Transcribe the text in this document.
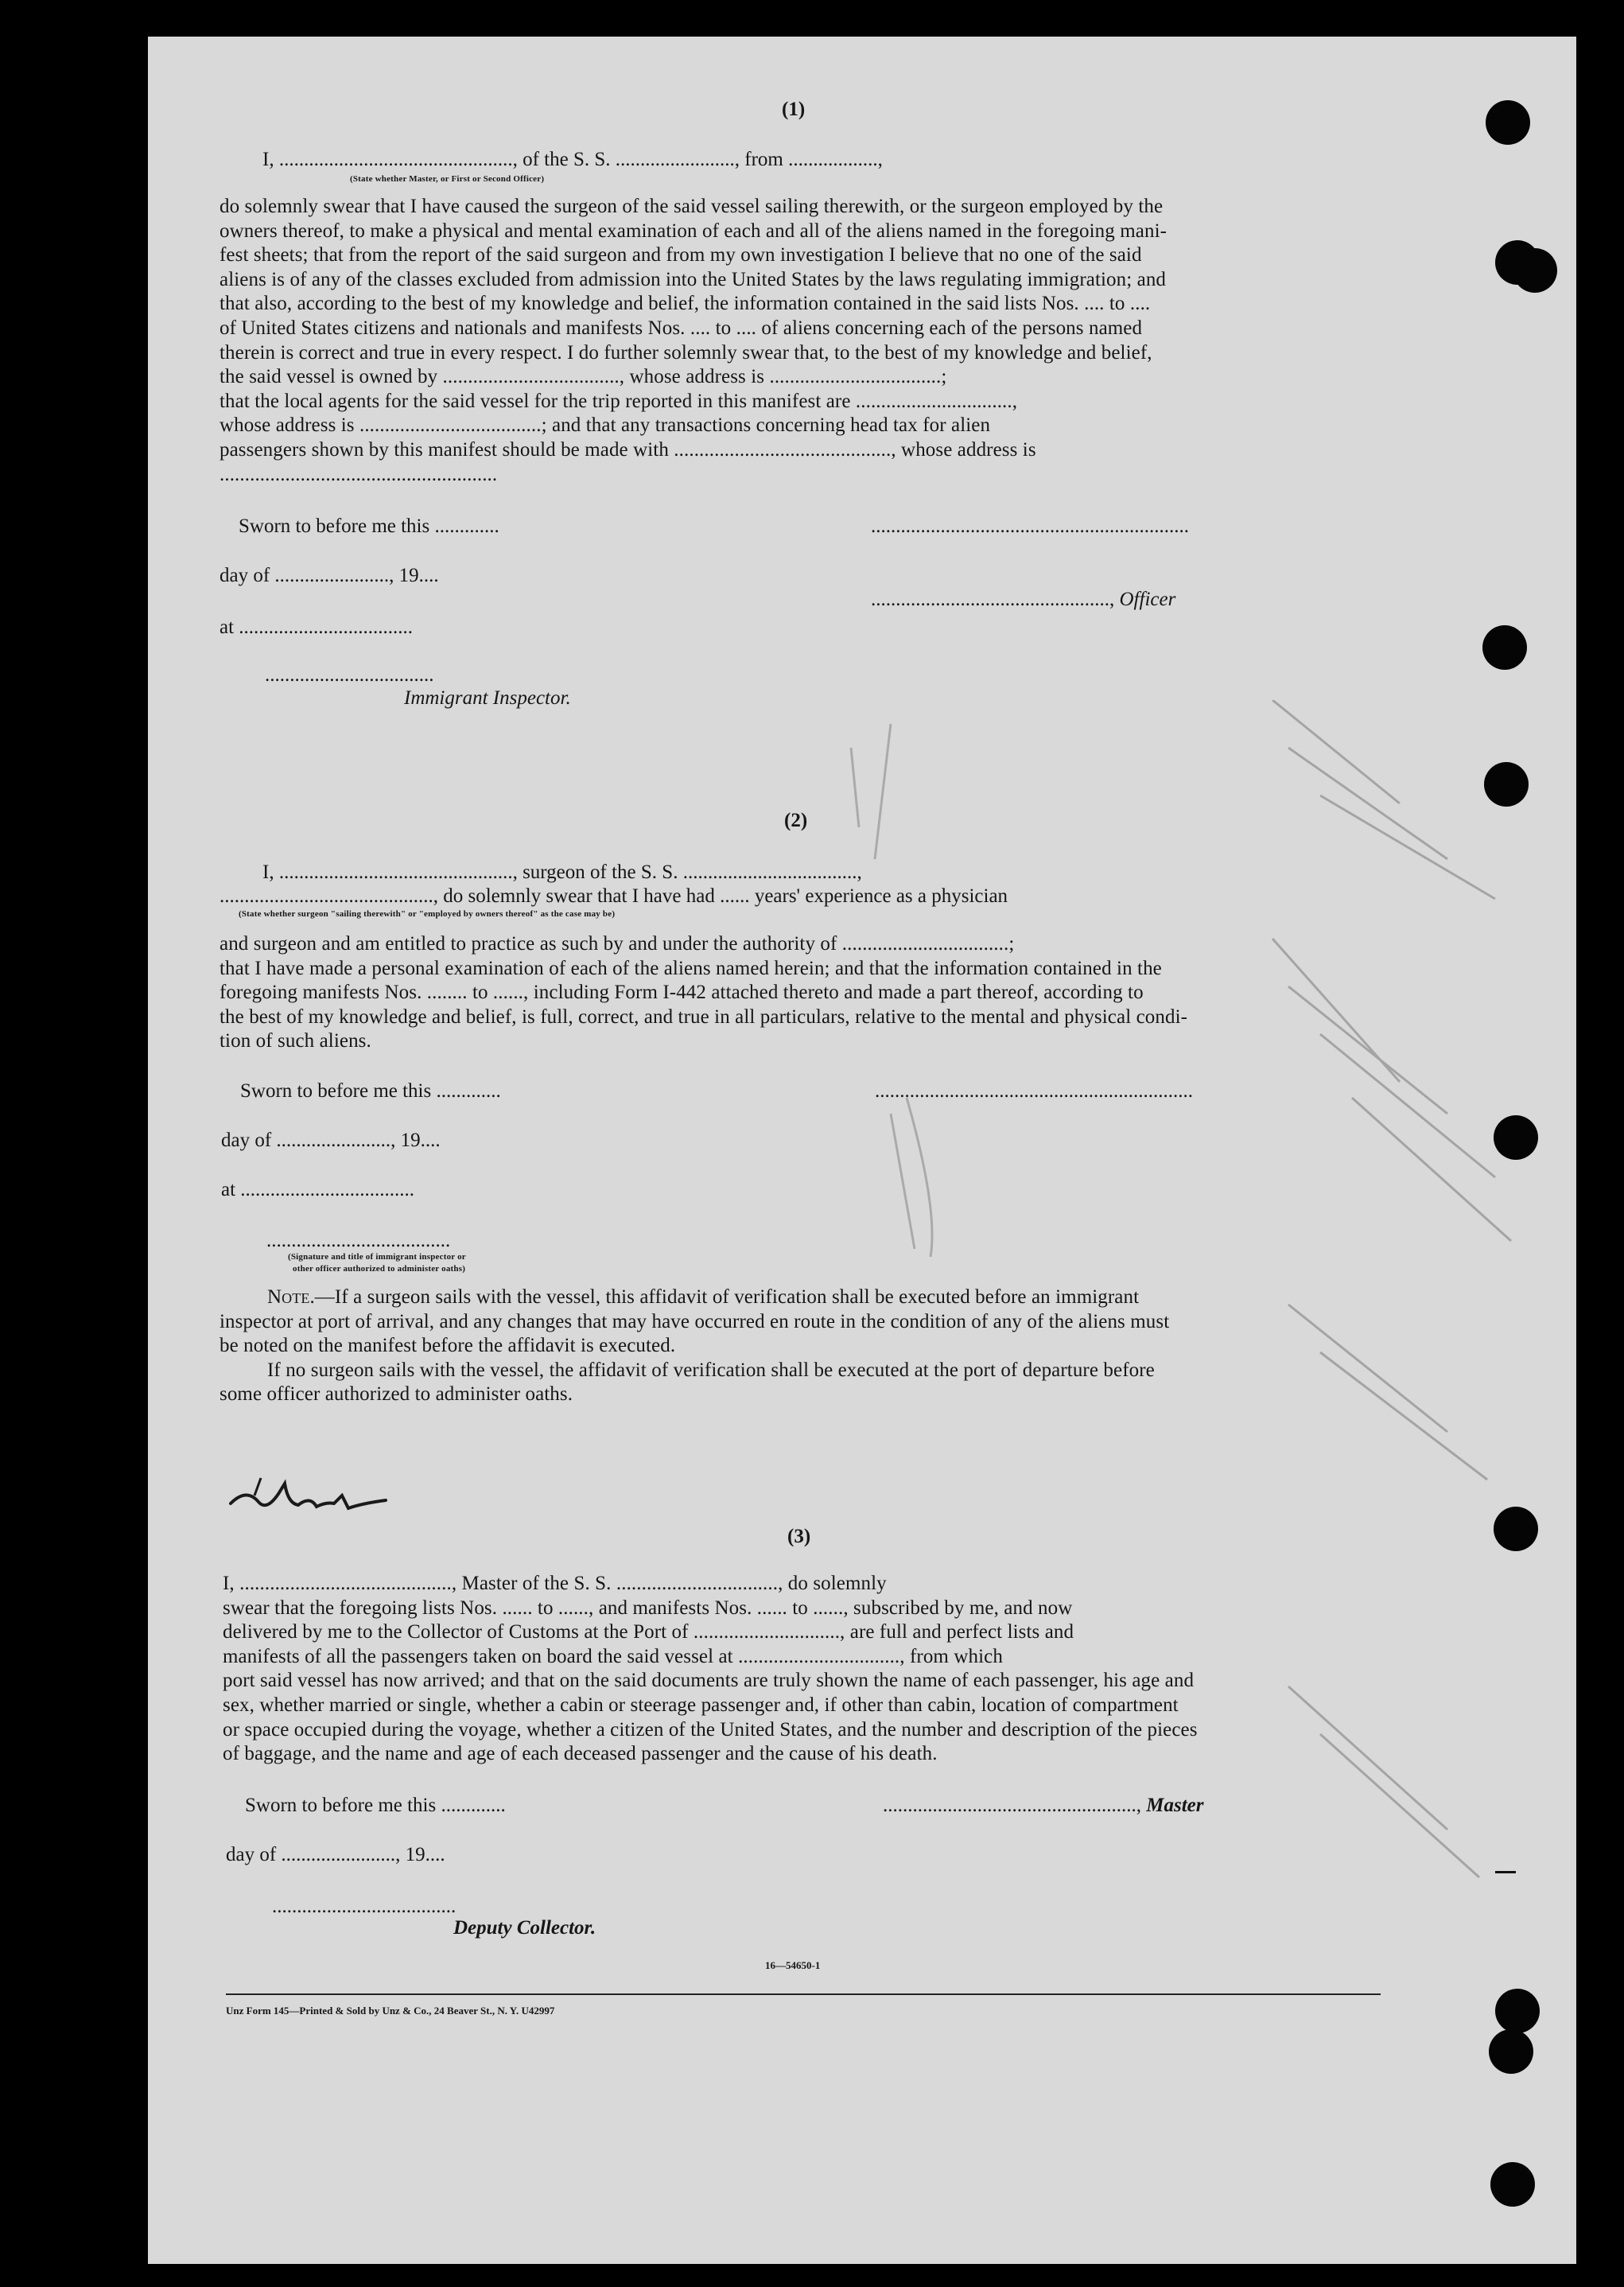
(1)
I, ..............................................., of the S. S. ........................, from ..................,
(State whether Master, or First or Second Officer)
do solemnly swear that I have caused the surgeon of the said vessel sailing therewith, or the surgeon employed by the
owners thereof, to make a physical and mental examination of each and all of the aliens named in the foregoing mani-
fest sheets; that from the report of the said surgeon and from my own investigation I believe that no one of the said
aliens is of any of the classes excluded from admission into the United States by the laws regulating immigration; and
that also, according to the best of my knowledge and belief, the information contained in the said lists Nos. .... to ....
of United States citizens and nationals and manifests Nos. .... to .... of aliens concerning each of the persons named
therein is correct and true in every respect. I do further solemnly swear that, to the best of my knowledge and belief,
the said vessel is owned by ..................................., whose address is ..................................;
that the local agents for the said vessel for the trip reported in this manifest are ...............................,
whose address is ....................................; and that any transactions concerning head tax for alien
passengers shown by this manifest should be made with ..........................................., whose address is
.......................................................
Sworn to before me this .............	................................................................
day of ......................., 19....
................................................, Officer
at ...................................
..................................
Immigrant Inspector.
(2)
I, ..............................................., surgeon of the S. S. ...................................,
..........................................., do solemnly swear that I have had ...... years' experience as a physician
(State whether surgeon "sailing therewith" or "employed by owners thereof" as the case may be)
and surgeon and am entitled to practice as such by and under the authority of .................................;
that I have made a personal examination of each of the aliens named herein; and that the information contained in the
foregoing manifests Nos. ........ to ......, including Form I-442 attached thereto and made a part thereof, according to
the best of my knowledge and belief, is full, correct, and true in all particulars, relative to the mental and physical condi-
tion of such aliens.
Sworn to before me this .............	................................................................
day of ......................., 19....
at ...................................
.....................................
(Signature and title of immigrant inspector or
other officer authorized to administer oaths)
Note.—If a surgeon sails with the vessel, this affidavit of verification shall be executed before an immigrant
inspector at port of arrival, and any changes that may have occurred en route in the condition of any of the aliens must
be noted on the manifest before the affidavit is executed.
If no surgeon sails with the vessel, the affidavit of verification shall be executed at the port of departure before
some officer authorized to administer oaths.
(3)
I, .........................................., Master of the S. S. ................................, do solemnly
swear that the foregoing lists Nos. ...... to ......, and manifests Nos. ...... to ......, subscribed by me, and now
delivered by me to the Collector of Customs at the Port of ............................., are full and perfect lists and
manifests of all the passengers taken on board the said vessel at ................................, from which
port said vessel has now arrived; and that on the said documents are truly shown the name of each passenger, his age and
sex, whether married or single, whether a cabin or steerage passenger and, if other than cabin, location of compartment
or space occupied during the voyage, whether a citizen of the United States, and the number and description of the pieces
of baggage, and the name and age of each deceased passenger and the cause of his death.
Sworn to before me this .............	..................................................., Master
day of ......................., 19....
.....................................
Deputy Collector.
16—54650-1
Unz Form 145—Printed & Sold by Unz & Co., 24 Beaver St., N. Y. U42997
